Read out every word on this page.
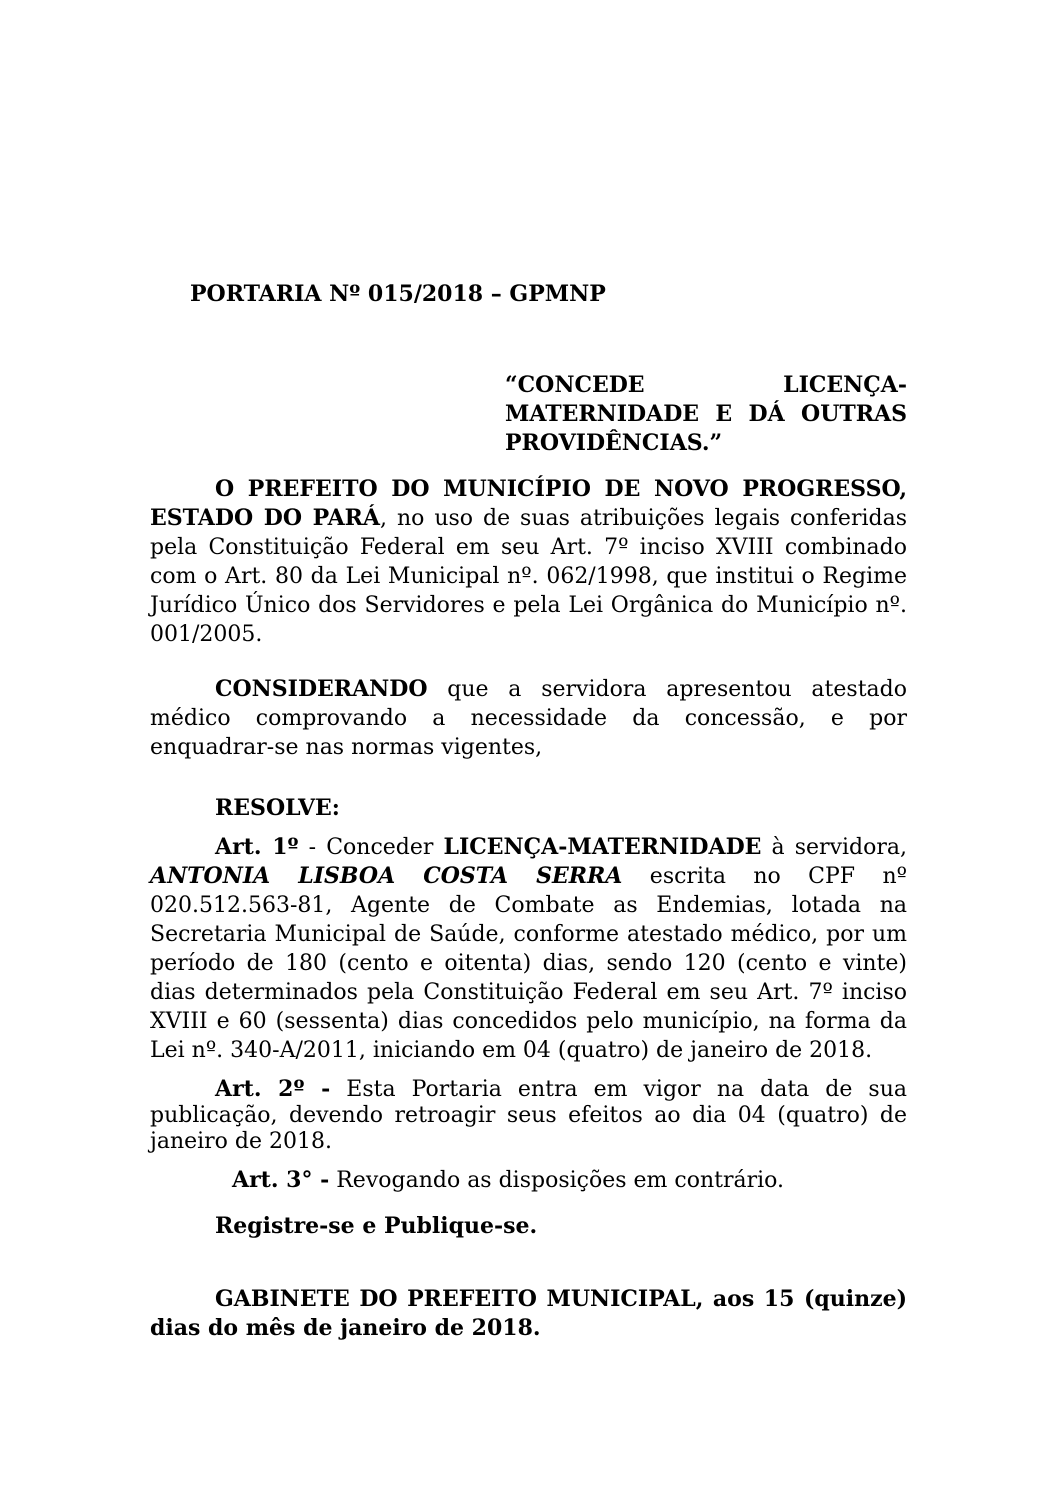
PORTARIA Nº 015/2018 – GPMNP

“CONCEDE	LICENÇA-
MATERNIDADE E DÁ OUTRAS
PROVIDÊNCIAS.”

O PREFEITO DO MUNICÍPIO DE NOVO PROGRESSO, ESTADO DO PARÁ, no uso de suas atribuições legais conferidas pela Constituição Federal em seu Art. 7º inciso XVIII combinado com o Art. 80 da Lei Municipal nº. 062/1998, que institui o Regime Jurídico Único dos Servidores e pela Lei Orgânica do Município nº. 001/2005.

CONSIDERANDO que a servidora apresentou atestado médico comprovando a necessidade da concessão, e por enquadrar-se nas normas vigentes,

RESOLVE:

Art. 1º - Conceder LICENÇA-MATERNIDADE à servidora, ANTONIA LISBOA COSTA SERRA escrita no CPF nº 020.512.563-81, Agente de Combate as Endemias, lotada na Secretaria Municipal de Saúde, conforme atestado médico, por um período de 180 (cento e oitenta) dias, sendo 120 (cento e vinte) dias determinados pela Constituição Federal em seu Art. 7º inciso XVIII e 60 (sessenta) dias concedidos pelo município, na forma da Lei nº. 340-A/2011, iniciando em 04 (quatro) de janeiro de 2018.

Art. 2º - Esta Portaria entra em vigor na data de sua publicação, devendo retroagir seus efeitos ao dia 04 (quatro) de janeiro de 2018.

Art. 3° - Revogando as disposições em contrário.

Registre-se e Publique-se.

GABINETE DO PREFEITO MUNICIPAL, aos 15 (quinze) dias do mês de janeiro de 2018.
